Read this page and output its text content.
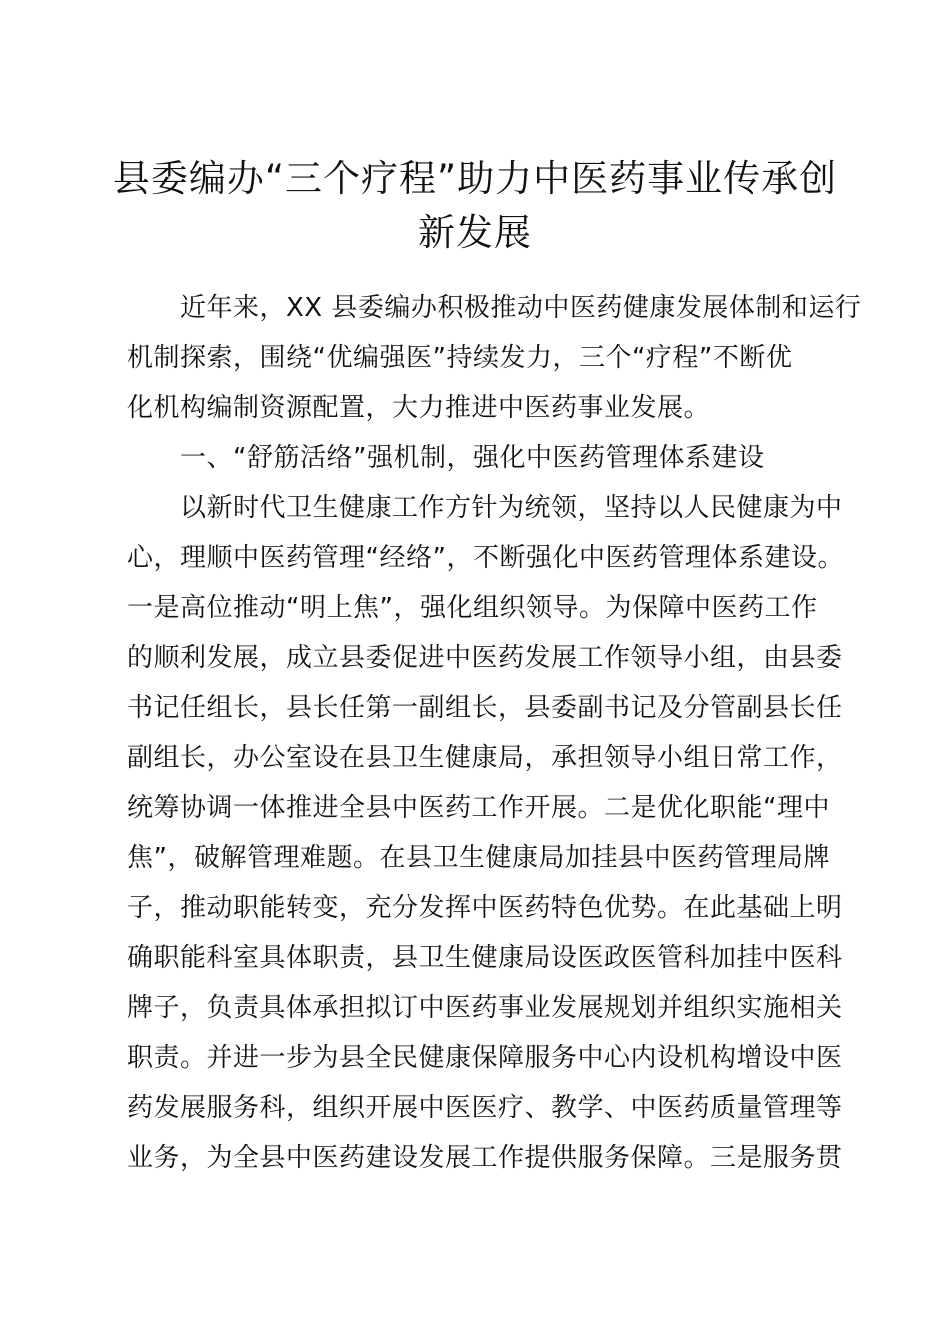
县委编办“三个疗程”助力中医药事业传承创
新发展
近年来，XX 县委编办积极推动中医药健康发展体制和运行
机制探索，围绕“优编强医”持续发力，三个“疗程”不断优
化机构编制资源配置，大力推进中医药事业发展。
一、“舒筋活络”强机制，强化中医药管理体系建设
以新时代卫生健康工作方针为统领，坚持以人民健康为中
心，理顺中医药管理“经络”，不断强化中医药管理体系建设。
一是高位推动“明上焦”，强化组织领导。为保障中医药工作
的顺利发展，成立县委促进中医药发展工作领导小组，由县委
书记任组长，县长任第一副组长，县委副书记及分管副县长任
副组长，办公室设在县卫生健康局，承担领导小组日常工作，
统筹协调一体推进全县中医药工作开展。二是优化职能“理中
焦”，破解管理难题。在县卫生健康局加挂县中医药管理局牌
子，推动职能转变，充分发挥中医药特色优势。在此基础上明
确职能科室具体职责，县卫生健康局设医政医管科加挂中医科
牌子，负责具体承担拟订中医药事业发展规划并组织实施相关
职责。并进一步为县全民健康保障服务中心内设机构增设中医
药发展服务科，组织开展中医医疗、教学、中医药质量管理等
业务，为全县中医药建设发展工作提供服务保障。三是服务贯
